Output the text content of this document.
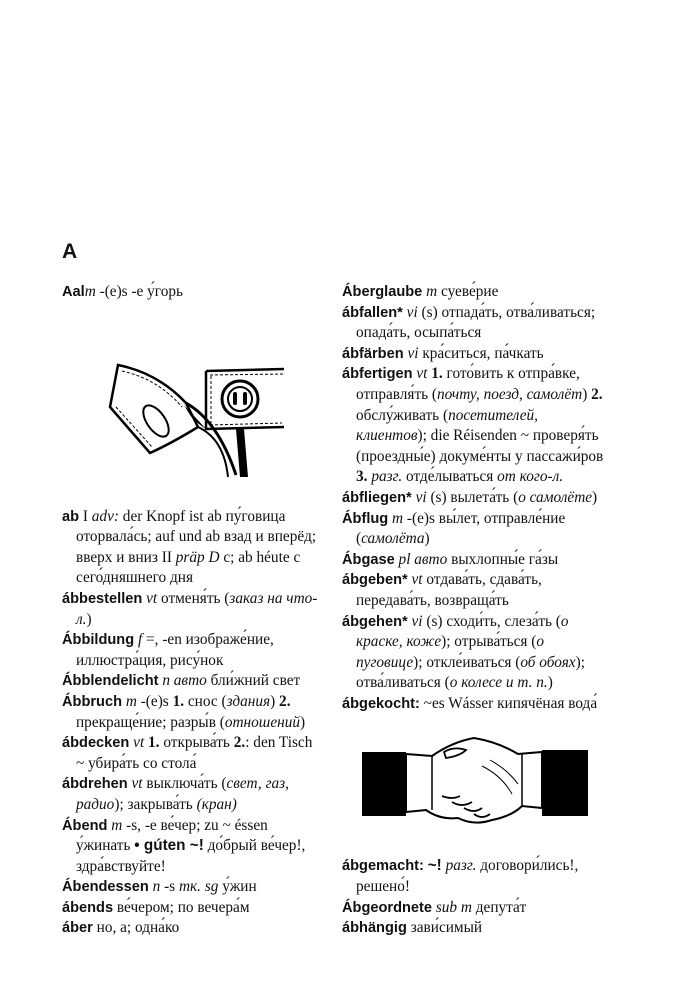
A

Aalm -(e)s -e у́горь

ab I adv: der Knopf ist ab пу́говица оторвала́сь; auf und ab взад и вперёд; вверх и вниз II präp D с; ab héute с сего́дняшнего дня

ábbestellen vt отменя́ть (заказ на что-л.)

Ábbildung f =, -en изображе́ние, иллюстра́ция, рису́нок

Ábblendelicht n авто бли́жний свет

Ábbruch m -(e)s 1. снос (здания) 2. прекраще́ние; разры́в (отношений)

ábdecken vt 1. открыва́ть 2.: den Tisch ~ убира́ть со стола́

ábdrehen vt выключа́ть (свет, газ, радио); закрыва́ть (кран)

Ábend m -s, -e ве́чер; zu ~ éssen у́жинать • gúten ~! до́брый ве́чер!, здра́вствуйте!

Ábendessen n -s тк. sg у́жин

ábends ве́чером; по вечера́м

áber но, а; одна́ко

Áberglaube m суеве́рие

ábfallen* vi (s) отпада́ть, отва́ливаться; опада́ть, осыпа́ться

ábfärben vi кра́ситься, па́чкать

ábfertigen vt 1. гото́вить к отпра́вке, отправля́ть (почту, поезд, самолёт) 2. обслу́живать (посетителей, клиентов); die Réisenden ~ проверя́ть (проездны́е) докуме́нты у пассажи́ров 3. разг. отде́лываться от кого-л.

ábfliegen* vi (s) вылета́ть (о самолёте)

Ábflug m -(e)s вы́лет, отправле́ние (самолёта)

Ábgase pl авто выхлопны́е га́зы

ábgeben* vt отдава́ть, сдава́ть, передава́ть, возвраща́ть

ábgehen* vi (s) сходи́ть, слеза́ть (о краске, коже); отрыва́ться (о пуговице); откле́иваться (об обоях); отва́ливаться (о колесе и т. п.)

ábgekocht: ~es Wásser кипячёная вода́

ábgemacht: ~! разг. договори́лись!, решено́!

Ábgeordnete sub m депута́т

ábhängig зави́симый
